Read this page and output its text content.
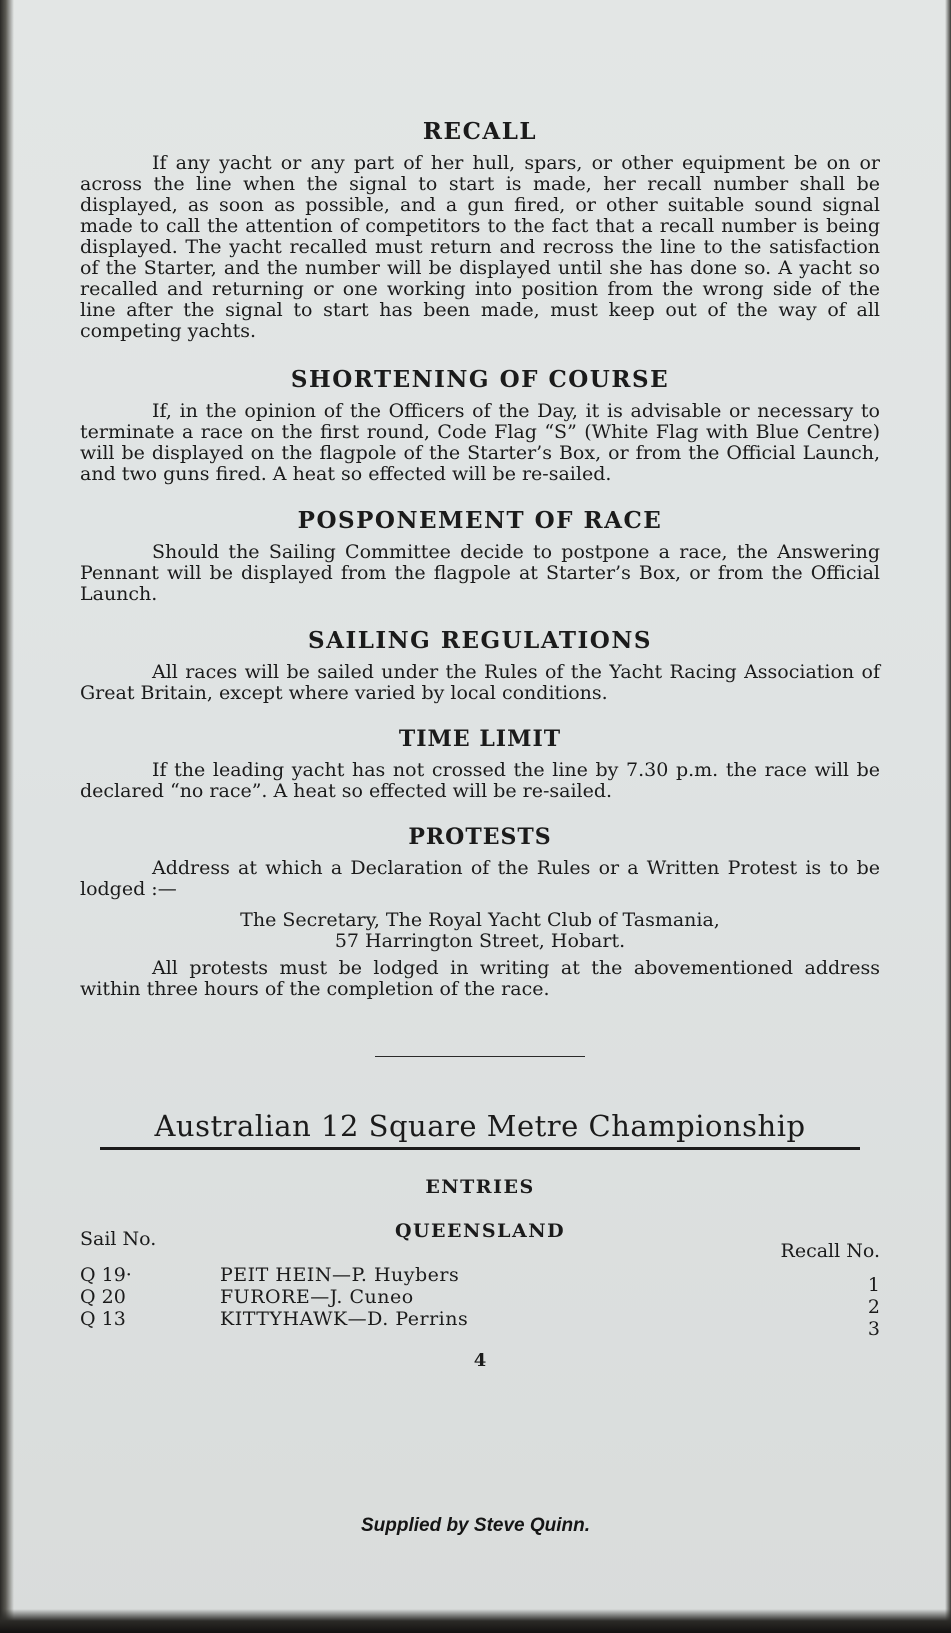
RECALL

If any yacht or any part of her hull, spars, or other equipment be on or across the line when the signal to start is made, her recall number shall be displayed, as soon as possible, and a gun fired, or other suitable sound signal made to call the attention of competitors to the fact that a recall number is being displayed. The yacht recalled must return and recross the line to the satisfaction of the Starter, and the number will be displayed until she has done so. A yacht so recalled and returning or one working into position from the wrong side of the line after the signal to start has been made, must keep out of the way of all competing yachts.

SHORTENING OF COURSE

If, in the opinion of the Officers of the Day, it is advisable or necessary to terminate a race on the first round, Code Flag “S” (White Flag with Blue Centre) will be displayed on the flagpole of the Starter’s Box, or from the Official Launch, and two guns fired. A heat so effected will be re-sailed.

POSPONEMENT OF RACE

Should the Sailing Committee decide to postpone a race, the Answering Pennant will be displayed from the flagpole at Starter’s Box, or from the Official Launch.

SAILING REGULATIONS

All races will be sailed under the Rules of the Yacht Racing Association of Great Britain, except where varied by local conditions.

TIME LIMIT

If the leading yacht has not crossed the line by 7.30 p.m. the race will be declared “no race”. A heat so effected will be re-sailed.

PROTESTS

Address at which a Declaration of the Rules or a Written Protest is to be lodged :—

The Secretary, The Royal Yacht Club of Tasmania,

57 Harrington Street, Hobart.

All protests must be lodged in writing at the abovementioned address within three hours of the completion of the race.

Australian 12 Square Metre Championship
ENTRIES
Sail No.	QUEENSLAND
Recall No.
Q 19·	PEIT HEIN—P. Huybers	1
Q 20	FURORE—J. Cuneo	2
Q 13	KITTYHAWK—D. Perrins	3
4
Supplied by Steve Quinn.
